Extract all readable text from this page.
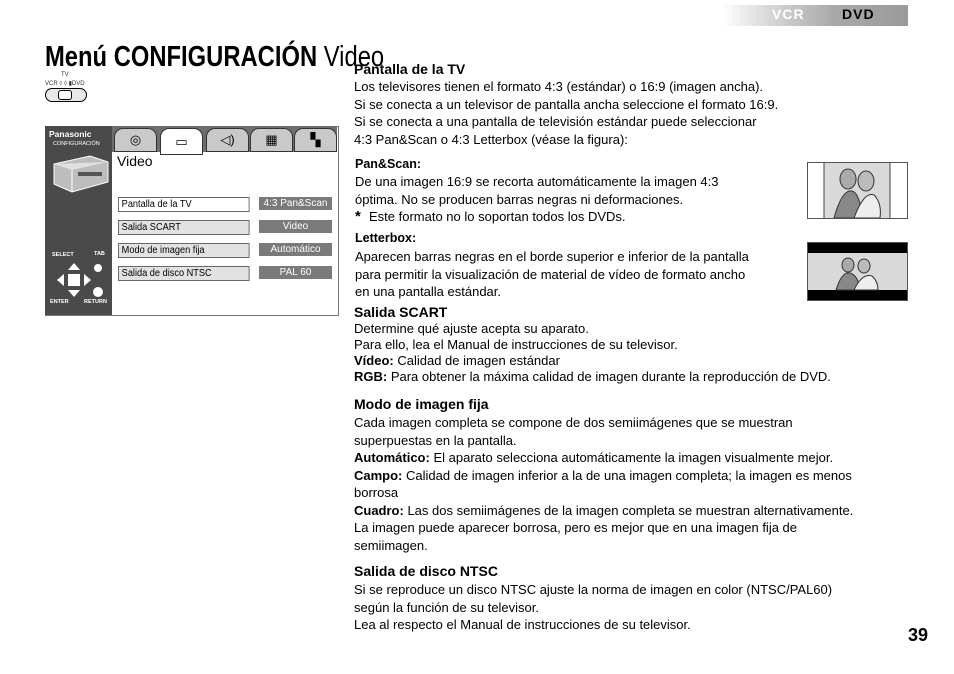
VCR	DVD
Menú CONFIGURACIÓN Video
TV
VCR ◊ ◊ ▮DVD
Panasonic
CONFIGURACIÓN ◎	▭	◁) ▦	▚
Video
Pantalla de la TV	4:3 Pan&Scan
Salida SCART	Video
Modo de imagen fija	Automático
Salida de disco NTSC	PAL 60
SELECT	TAB
ENTER	RETURN
Pantalla de la TV
Los televisores tienen el formato 4:3 (estándar) o 16:9 (imagen ancha).
Si se conecta a un televisor de pantalla ancha seleccione el formato 16:9.
Si se conecta a una pantalla de televisión estándar puede seleccionar
4:3 Pan&Scan o 4:3 Letterbox (véase la figura):
Pan&Scan:
De una imagen 16:9 se recorta automáticamente la imagen 4:3
óptima. No se producen barras negras ni deformaciones.
* Este formato no lo soportan todos los DVDs.
Letterbox:
Aparecen barras negras en el borde superior e inferior de la pantalla
para permitir la visualización de material de vídeo de formato ancho
en una pantalla estándar.
Salida SCART
Determine qué ajuste acepta su aparato.
Para ello, lea el Manual de instrucciones de su televisor.
Vídeo: Calidad de imagen estándar
RGB: Para obtener la máxima calidad de imagen durante la reproducción de DVD.
Modo de imagen fija
Cada imagen completa se compone de dos semiimágenes que se muestran
superpuestas en la pantalla.
Automático: El aparato selecciona automáticamente la imagen visualmente mejor.
Campo: Calidad de imagen inferior a la de una imagen completa; la imagen es menos
borrosa
Cuadro: Las dos semiimágenes de la imagen completa se muestran alternativamente.
La imagen puede aparecer borrosa, pero es mejor que en una imagen fija de
semiimagen.
Salida de disco NTSC
Si se reproduce un disco NTSC ajuste la norma de imagen en color (NTSC/PAL60)
según la función de su televisor.
Lea al respecto el Manual de instrucciones de su televisor.
39
